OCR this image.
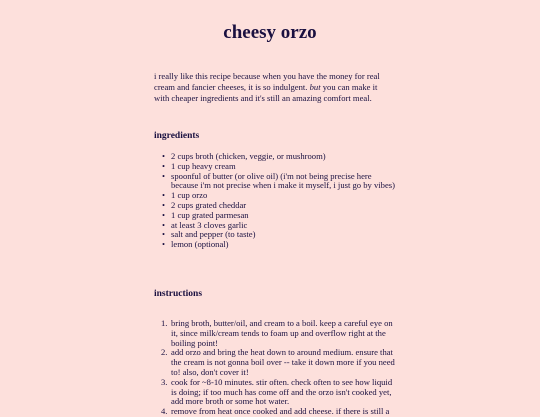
cheesy orzo

i really like this recipe because when you have the money for real cream and fancier cheeses, it is so indulgent. but you can make it with cheaper ingredients and it's still an amazing comfort meal.

ingredients
• 2 cups broth (chicken, veggie, or mushroom)
• 1 cup heavy cream
• spoonful of butter (or olive oil) (i'm not being precise here because i'm not precise when i make it myself, i just go by vibes)
• 1 cup orzo
• 2 cups grated cheddar
• 1 cup grated parmesan
• at least 3 cloves garlic
• salt and pepper (to taste)
• lemon (optional)
instructions
1. bring broth, butter/oil, and cream to a boil. keep a careful eye on it, since milk/cream tends to foam up and overflow right at the boiling point!
2. add orzo and bring the heat down to around medium. ensure that the cream is not gonna boil over -- take it down more if you need to! also, don't cover it!
3. cook for ~8-10 minutes. stir often. check often to see how liquid is doing; if too much has come off and the orzo isn't cooked yet, add more broth or some hot water.
4. remove from heat once cooked and add cheese. if there is still a
